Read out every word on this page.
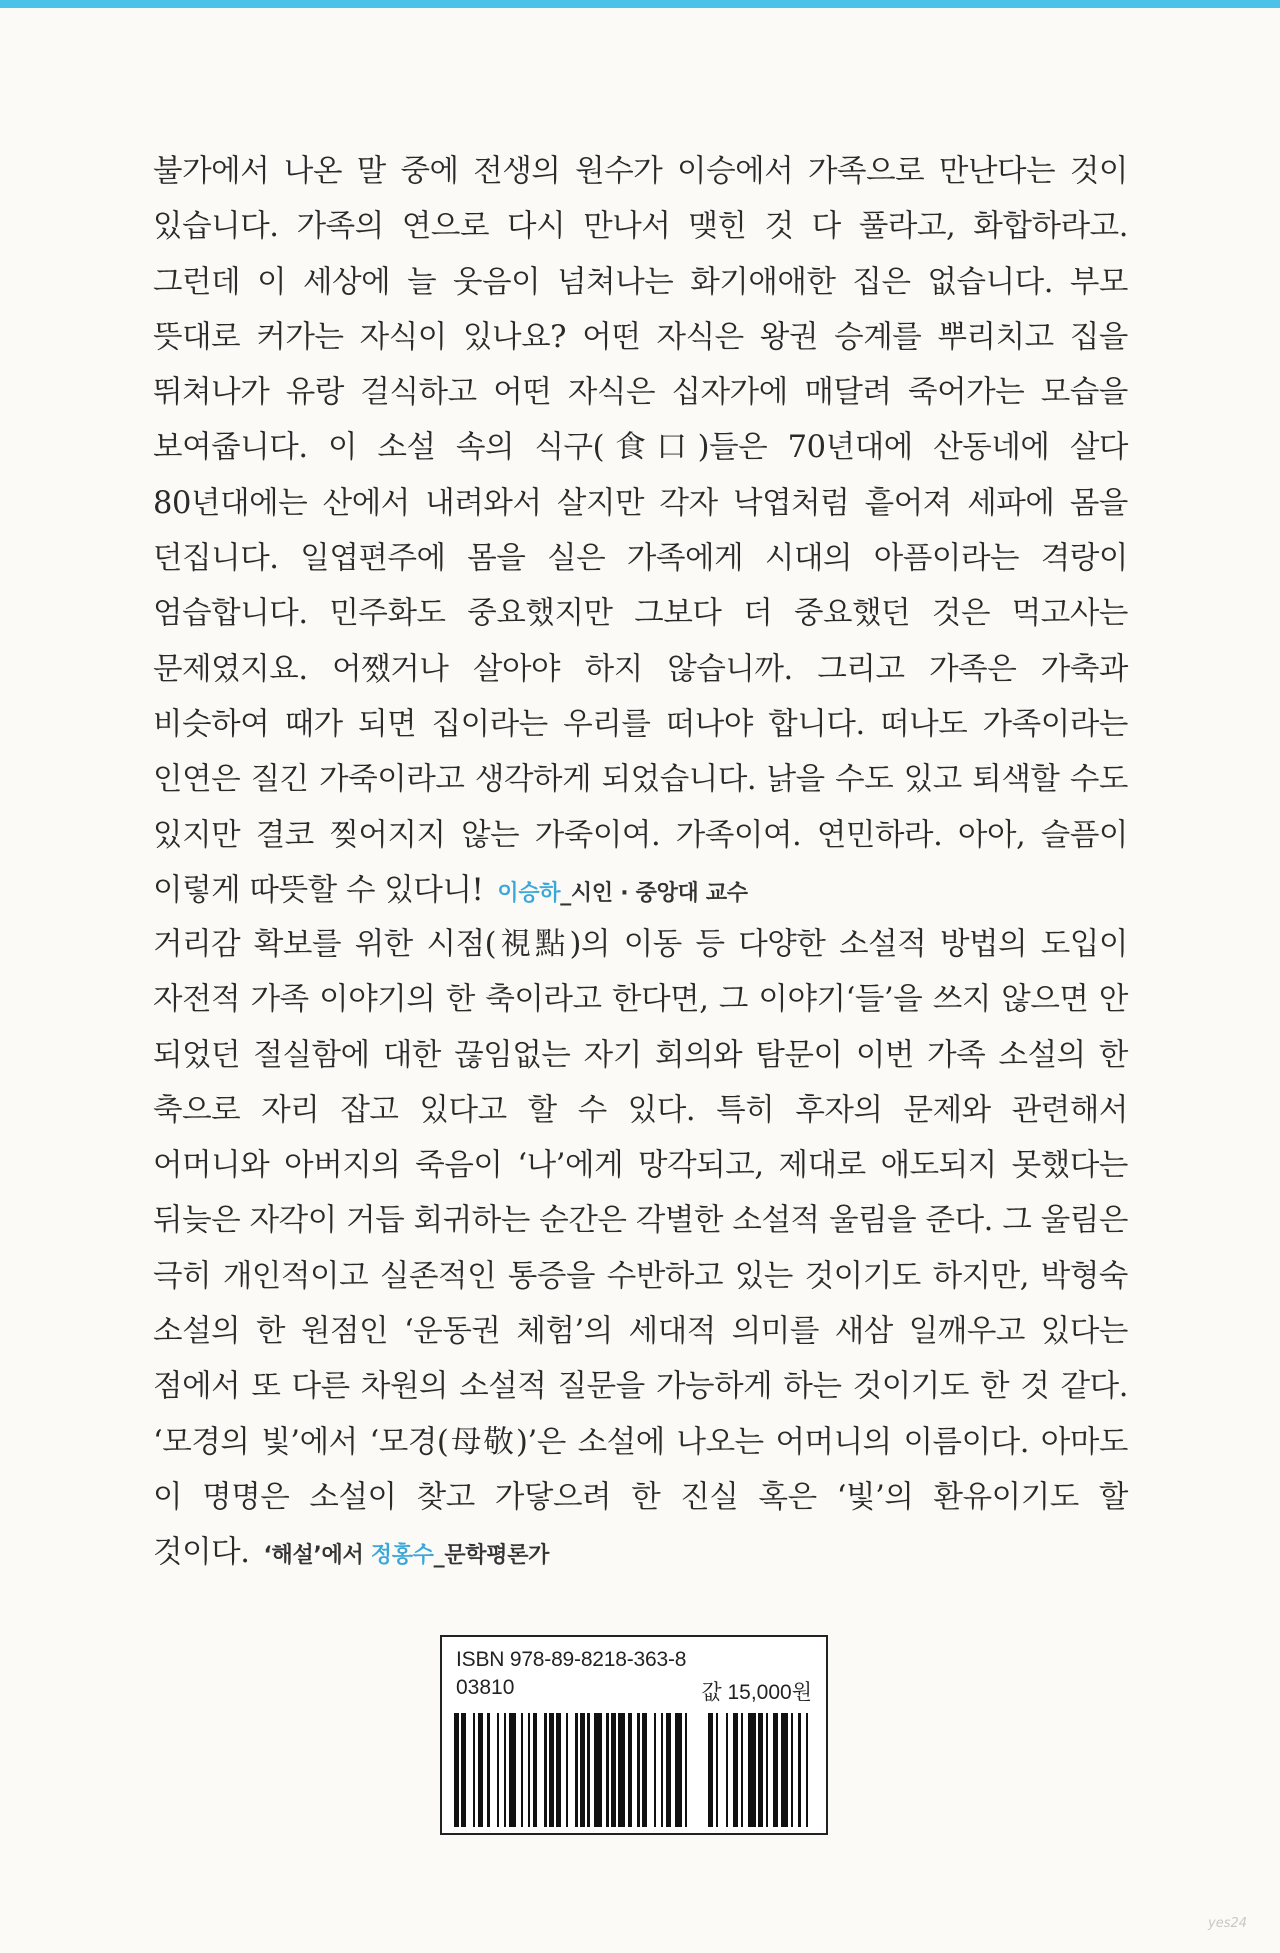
불가에서 나온 말 중에 전생의 원수가 이승에서 가족으로 만난다는 것이 있습니다. 가족의 연으로 다시 만나서 맺힌 것 다 풀라고, 화합하라고. 그런데 이 세상에 늘 웃음이 넘쳐나는 화기애애한 집은 없습니다. 부모 뜻대로 커가는 자식이 있나요? 어떤 자식은 왕권 승계를 뿌리치고 집을 뛰쳐나가 유랑 걸식하고 어떤 자식은 십자가에 매달려 죽어가는 모습을 보여줍니다. 이 소설 속의 식구(食口)들은 70년대에 산동네에 살다 80년대에는 산에서 내려와서 살지만 각자 낙엽처럼 흩어져 세파에 몸을 던집니다. 일엽편주에 몸을 실은 가족에게 시대의 아픔이라는 격랑이 엄습합니다. 민주화도 중요했지만 그보다 더 중요했던 것은 먹고사는 문제였지요. 어쨌거나 살아야 하지 않습니까. 그리고 가족은 가축과 비슷하여 때가 되면 집이라는 우리를 떠나야 합니다. 떠나도 가족이라는 인연은 질긴 가죽이라고 생각하게 되었습니다. 낡을 수도 있고 퇴색할 수도 있지만 결코 찢어지지 않는 가죽이여. 가족이여. 연민하라. 아아, 슬픔이 이렇게 따뜻할 수 있다니! 이승하_시인 · 중앙대 교수

거리감 확보를 위한 시점(視點)의 이동 등 다양한 소설적 방법의 도입이 자전적 가족 이야기의 한 축이라고 한다면, 그 이야기‘들’을 쓰지 않으면 안 되었던 절실함에 대한 끊임없는 자기 회의와 탐문이 이번 가족 소설의 한 축으로 자리 잡고 있다고 할 수 있다. 특히 후자의 문제와 관련해서 어머니와 아버지의 죽음이 ‘나’에게 망각되고, 제대로 애도되지 못했다는 뒤늦은 자각이 거듭 회귀하는 순간은 각별한 소설적 울림을 준다. 그 울림은 극히 개인적이고 실존적인 통증을 수반하고 있는 것이기도 하지만, 박형숙 소설의 한 원점인 ‘운동권 체험’의 세대적 의미를 새삼 일깨우고 있다는 점에서 또 다른 차원의 소설적 질문을 가능하게 하는 것이기도 한 것 같다. ‘모경의 빛’에서 ‘모경(母敬)’은 소설에 나오는 어머니의 이름이다. 아마도 이 명명은 소설이 찾고 가닿으려 한 진실 혹은 ‘빛’의 환유이기도 할 것이다. ‘해설’에서 정홍수_문학평론가

ISBN 978-89-8218-363-8
03810	값 15,000원
yes24
